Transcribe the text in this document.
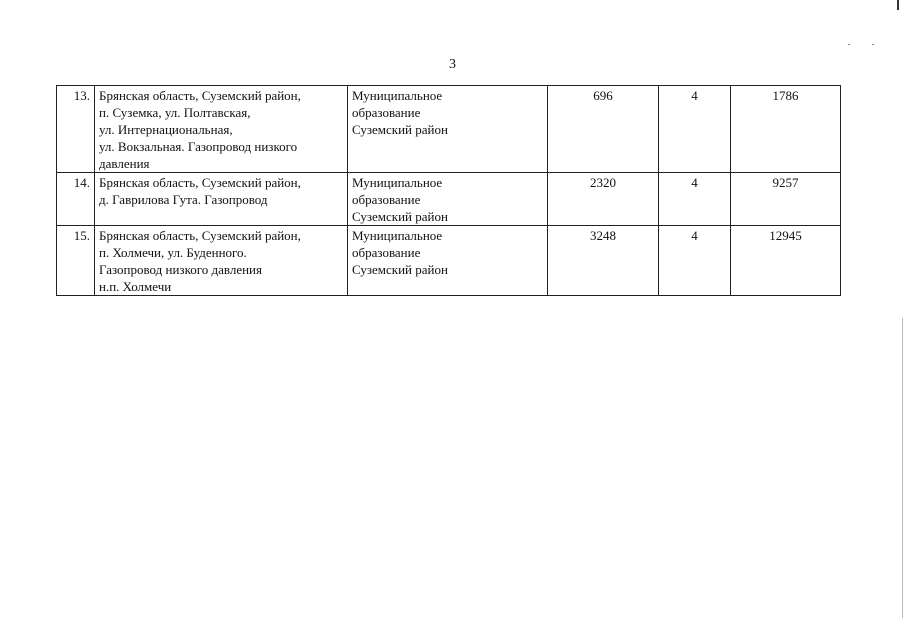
3
13.	Брянская область, Суземский район,
п. Суземка, ул. Полтавская,
ул. Интернациональная,
ул. Вокзальная. Газопровод низкого
давления	Муниципальное
образование
Суземский район	696	4	1786
14.	Брянская область, Суземский район,
д. Гаврилова Гута. Газопровод	Муниципальное
образование
Суземский район	2320	4	9257
15.	Брянская область, Суземский район,
п. Холмечи, ул. Буденного.
Газопровод низкого давления
н.п. Холмечи	Муниципальное
образование
Суземский район	3248	4	12945
